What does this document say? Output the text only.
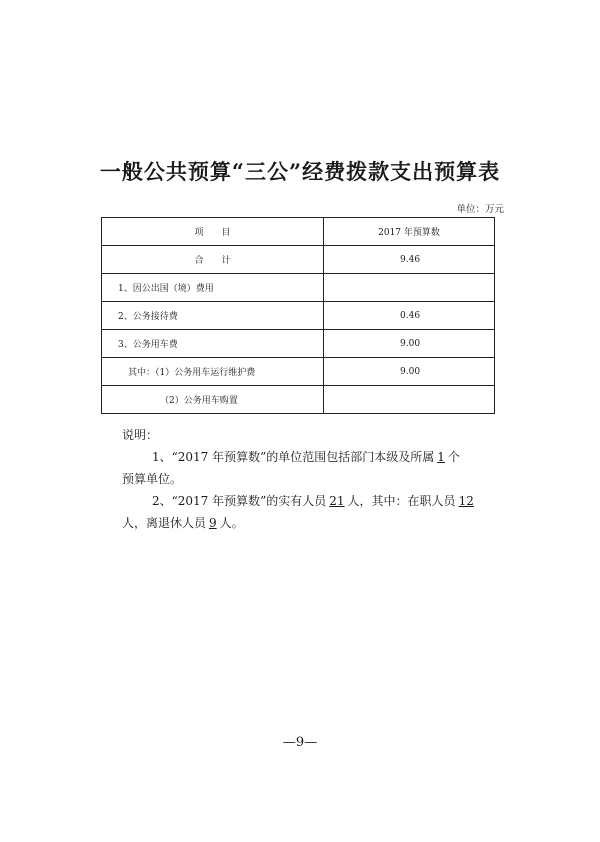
一般公共预算“三公”经费拨款支出预算表
单位：万元
项　　目	2017 年预算数
合　　计	9.46
1、因公出国（境）费用	
2、公务接待费	0.46
3、公务用车费	9.00
其中：（1）公务用车运行维护费	9.00
（2）公务用车购置	

说明：

1、“2017 年预算数”的单位范围包括部门本级及所属 1 个

预算单位。

2、“2017 年预算数”的实有人员 21 人，其中：在职人员 12

人，离退休人员 9 人。

—9—
